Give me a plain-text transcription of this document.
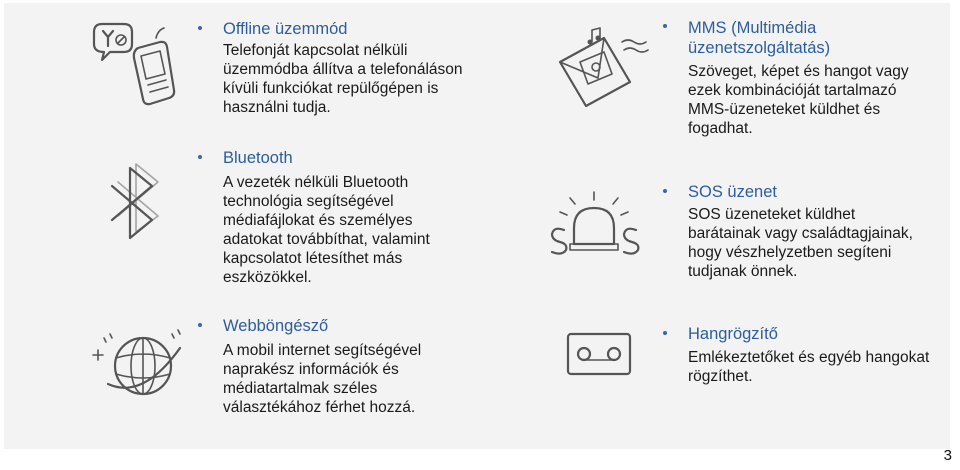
Offline üzemmód

Telefonját kapcsolat nélküli
üzemmódba állítva a telefonáláson
kívüli funkciókat repülőgépen is
használni tudja.

Bluetooth

A vezeték nélküli Bluetooth
technológia segítségével
médiafájlokat és személyes
adatokat továbbíthat, valamint
kapcsolatot létesíthet más
eszközökkel.

Webböngésző

A mobil internet segítségével
naprakész információk és
médiatartalmak széles
választékához férhet hozzá.

MMS (Multimédia
üzenetszolgáltatás)

Szöveget, képet és hangot vagy
ezek kombinációját tartalmazó
MMS-üzeneteket küldhet és
fogadhat.

SOS üzenet

SOS üzeneteket küldhet
barátainak vagy családtagjainak,
hogy vészhelyzetben segíteni
tudjanak önnek.

Hangrögzítő

Emlékeztetőket és egyéb hangokat
rögzíthet.

3
